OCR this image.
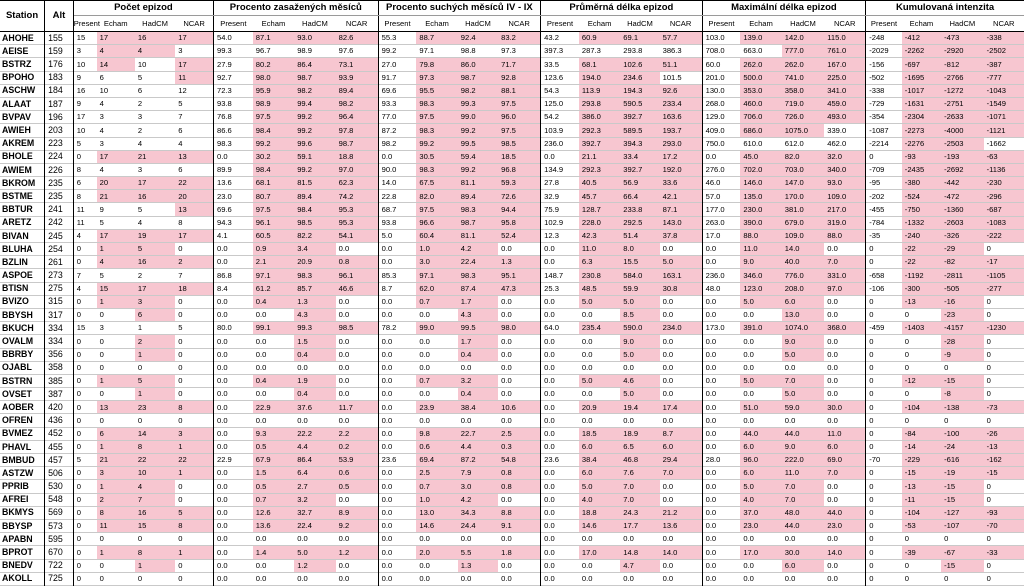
Station	Alt	Počet epizod				Procento zasažených měsíců				Procento suchých měsíců IV - IX				Průměrná délka epizod				Maximální délka epizod				Kumulovaná intenzita			
		Present	Echam	HadCM	NCAR	Present	Echam	HadCM	NCAR	Present	Echam	HadCM	NCAR	Present	Echam	HadCM	NCAR	Present	Echam	HadCM	NCAR	Present	Echam	HadCM	NCAR
AHOHE	155	15	17	16	17	54.0	87.1	93.0	82.6	55.3	88.7	92.4	83.2	43.2	60.9	69.1	57.7	103.0	139.0	142.0	115.0	-248	-412	-473	-338
AEISE	159	3	4	4	3	99.3	96.7	98.9	97.6	99.2	97.1	98.8	97.3	397.3	287.3	293.8	386.3	708.0	663.0	777.0	761.0	-2029	-2262	-2920	-2502
BSTRZ	176	10	14	10	17	27.9	80.2	86.4	73.1	27.0	79.8	86.0	71.7	33.5	68.1	102.6	51.1	60.0	262.0	262.0	167.0	-156	-697	-812	-387
BPOHO	183	9	6	5	11	92.7	98.0	98.7	93.9	91.7	97.3	98.7	92.8	123.6	194.0	234.6	101.5	201.0	500.0	741.0	225.0	-502	-1695	-2766	-777
ASCHW	184	16	10	6	12	72.3	95.9	98.2	89.4	69.6	95.5	98.2	88.1	54.3	113.9	194.3	92.6	130.0	353.0	358.0	341.0	-338	-1017	-1272	-1043
ALAAT	187	9	4	2	5	93.8	98.9	99.4	98.2	93.3	98.3	99.3	97.5	125.0	293.8	590.5	233.4	268.0	460.0	719.0	459.0	-729	-1631	-2751	-1549
BVPAV	196	17	3	3	7	76.8	97.5	99.2	96.4	77.0	97.5	99.0	96.0	54.2	386.0	392.7	163.6	129.0	706.0	726.0	493.0	-354	-2304	-2633	-1071
AWIEH	203	10	4	2	6	86.6	98.4	99.2	97.8	87.2	98.3	99.2	97.5	103.9	292.3	589.5	193.7	409.0	686.0	1075.0	339.0	-1087	-2273	-4000	-1121
AKREM	223	5	3	4	4	98.3	99.2	99.6	98.7	98.2	99.2	99.5	98.5	236.0	392.7	394.3	293.0	750.0	610.0	612.0	462.0	-2214	-2276	-2503	-1662
BHOLE	224	0	17	21	13	0.0	30.2	59.1	18.8	0.0	30.5	59.4	18.5	0.0	21.1	33.4	17.2	0.0	45.0	82.0	32.0	0	-93	-193	-63
AWIEM	226	8	4	3	6	89.9	98.4	99.2	97.0	90.0	98.3	99.2	96.8	134.9	292.3	392.7	192.0	276.0	702.0	703.0	340.0	-709	-2435	-2692	-1136
BKROM	235	6	20	17	22	13.6	68.1	81.5	62.3	14.0	67.5	81.1	59.3	27.8	40.5	56.9	33.6	46.0	146.0	147.0	93.0	-95	-380	-442	-230
BSTME	235	8	21	16	20	23.0	80.7	89.4	74.2	22.8	82.0	89.4	72.6	32.9	45.7	66.4	42.1	57.0	135.0	170.0	109.0	-202	-524	-472	-296
BBTUR	241	11	9	5	13	69.6	97.5	98.4	95.3	68.7	97.5	98.3	94.4	75.9	128.7	233.8	87.1	177.0	230.0	381.0	217.0	-455	-750	-1360	-687
ARETZ	242	11	5	4	8	94.3	96.1	98.5	95.3	93.8	96.6	98.7	95.8	102.9	228.0	292.5	143.0	263.0	390.0	679.0	319.0	-784	-1332	-2603	-1083
BIVAN	245	4	17	19	17	4.1	60.5	82.2	54.1	5.0	60.4	81.1	52.4	12.3	42.3	51.4	37.8	17.0	88.0	109.0	88.0	-35	-240	-326	-222
BLUHA	254	0	1	5	0	0.0	0.9	3.4	0.0	0.0	1.0	4.2	0.0	0.0	11.0	8.0	0.0	0.0	11.0	14.0	0.0	0	-22	-29	0
BZLIN	261	0	4	16	2	0.0	2.1	20.9	0.8	0.0	3.0	22.4	1.3	0.0	6.3	15.5	5.0	0.0	9.0	40.0	7.0	0	-22	-82	-17
ASPOE	273	7	5	2	7	86.8	97.1	98.3	96.1	85.3	97.1	98.3	95.1	148.7	230.8	584.0	163.1	236.0	346.0	776.0	331.0	-658	-1192	-2811	-1105
BTISN	275	4	15	17	18	8.4	61.2	85.7	46.6	8.7	62.0	87.4	47.3	25.3	48.5	59.9	30.8	48.0	123.0	208.0	97.0	-106	-300	-505	-277
BVIZO	315	0	1	3	0	0.0	0.4	1.3	0.0	0.0	0.7	1.7	0.0	0.0	5.0	5.0	0.0	0.0	5.0	6.0	0.0	0	-13	-16	0
BBYSH	317	0	0	6	0	0.0	0.0	4.3	0.0	0.0	0.0	4.3	0.0	0.0	0.0	8.5	0.0	0.0	0.0	13.0	0.0	0	0	-23	0
BKUCH	334	15	3	1	5	80.0	99.1	99.3	98.5	78.2	99.0	99.5	98.0	64.0	235.4	590.0	234.0	173.0	391.0	1074.0	368.0	-459	-1403	-4157	-1230
OVALM	334	0	0	2	0	0.0	0.0	1.5	0.0	0.0	0.0	1.7	0.0	0.0	0.0	9.0	0.0	0.0	0.0	9.0	0.0	0	0	-28	0
BBRBY	356	0	0	1	0	0.0	0.0	0.4	0.0	0.0	0.0	0.4	0.0	0.0	0.0	5.0	0.0	0.0	0.0	5.0	0.0	0	0	-9	0
OJABL	358	0	0	0	0	0.0	0.0	0.0	0.0	0.0	0.0	0.0	0.0	0.0	0.0	0.0	0.0	0.0	0.0	0.0	0.0	0	0	0	0
BSTRN	385	0	1	5	0	0.0	0.4	1.9	0.0	0.0	0.7	3.2	0.0	0.0	5.0	4.6	0.0	0.0	5.0	7.0	0.0	0	-12	-15	0
OVSET	387	0	0	1	0	0.0	0.0	0.4	0.0	0.0	0.0	0.4	0.0	0.0	0.0	5.0	0.0	0.0	0.0	5.0	0.0	0	0	-8	0
AOBER	420	0	13	23	8	0.0	22.9	37.6	11.7	0.0	23.9	38.4	10.6	0.0	20.9	19.4	17.4	0.0	51.0	59.0	30.0	0	-104	-138	-73
OFREN	436	0	0	0	0	0.0	0.0	0.0	0.0	0.0	0.0	0.0	0.0	0.0	0.0	0.0	0.0	0.0	0.0	0.0	0.0	0	0	0	0
BVMEZ	452	0	6	14	3	0.0	9.3	22.2	2.2	0.0	9.8	22.7	2.5	0.0	18.5	18.9	8.7	0.0	44.0	44.0	11.0	0	-84	-100	-26
PHAVL	455	0	1	8	1	0.0	0.5	4.4	0.2	0.0	0.6	4.4	0.3	0.0	6.0	6.5	6.0	0.0	6.0	9.0	6.0	0	-14	-24	-13
BMBUD	457	5	21	22	22	22.9	67.9	86.4	53.9	23.6	69.4	87.2	54.8	23.6	38.4	46.8	29.4	28.0	96.0	222.0	69.0	-70	-229	-616	-162
ASTZW	506	0	3	10	1	0.0	1.5	6.4	0.6	0.0	2.5	7.9	0.8	0.0	6.0	7.6	7.0	0.0	6.0	11.0	7.0	0	-15	-19	-15
PPRIB	530	0	1	4	0	0.0	0.5	2.7	0.5	0.0	0.7	3.0	0.8	0.0	5.0	7.0	0.0	0.0	5.0	7.0	0.0	0	-13	-15	0
AFREI	548	0	2	7	0	0.0	0.7	3.2	0.0	0.0	1.0	4.2	0.0	0.0	4.0	7.0	0.0	0.0	4.0	7.0	0.0	0	-11	-15	0
BKMYS	569	0	8	16	5	0.0	12.6	32.7	8.9	0.0	13.0	34.3	8.8	0.0	18.8	24.3	21.2	0.0	37.0	48.0	44.0	0	-104	-127	-93
BBYSP	573	0	11	15	8	0.0	13.6	22.4	9.2	0.0	14.6	24.4	9.1	0.0	14.6	17.7	13.6	0.0	23.0	44.0	23.0	0	-53	-107	-70
APABN	595	0	0	0	0	0.0	0.0	0.0	0.0	0.0	0.0	0.0	0.0	0.0	0.0	0.0	0.0	0.0	0.0	0.0	0.0	0	0	0	0
BPROT	670	0	1	8	1	0.0	1.4	5.0	1.2	0.0	2.0	5.5	1.8	0.0	17.0	14.8	14.0	0.0	17.0	30.0	14.0	0	-39	-67	-33
BNEDV	722	0	0	1	0	0.0	0.0	1.2	0.0	0.0	0.0	1.3	0.0	0.0	0.0	4.7	0.0	0.0	0.0	6.0	0.0	0	0	-15	0
AKOLL	725	0	0	0	0	0.0	0.0	0.0	0.0	0.0	0.0	0.0	0.0	0.0	0.0	0.0	0.0	0.0	0.0	0.0	0.0	0	0	0	0
